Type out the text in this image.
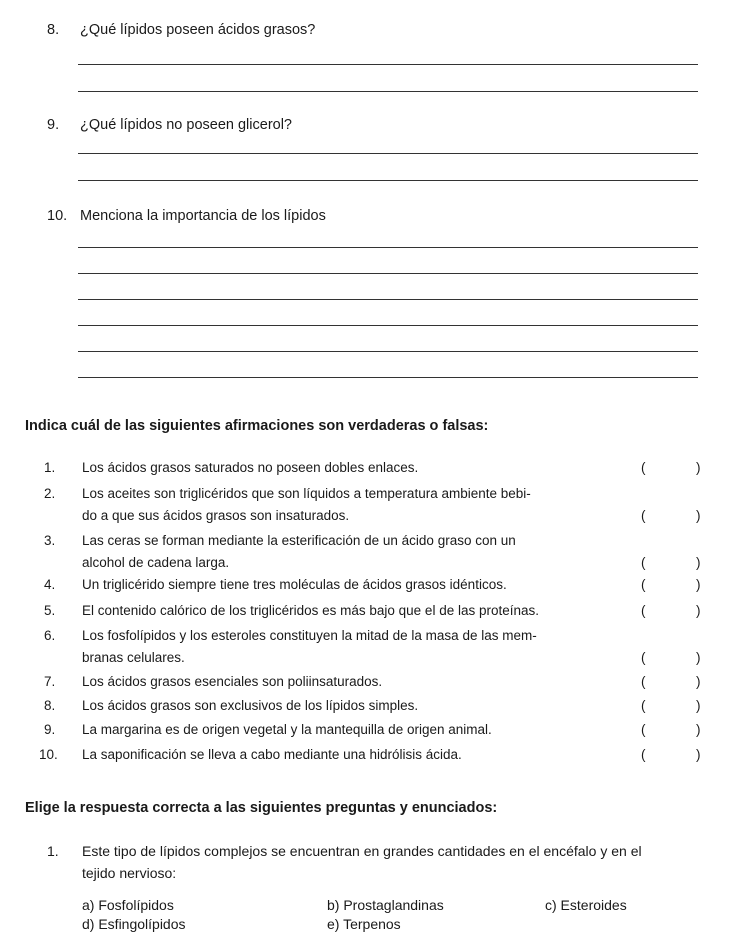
8. ¿Qué lípidos poseen ácidos grasos?
9. ¿Qué lípidos no poseen glicerol?
10. Menciona la importancia de los lípidos
Indica cuál de las siguientes afirmaciones son verdaderas o falsas:
1. Los ácidos grasos saturados no poseen dobles enlaces.	(	)
2. Los aceites son triglicéridos que son líquidos a temperatura ambiente bebi-
do a que sus ácidos grasos son insaturados.	(	)
3. Las ceras se forman mediante la esterificación de un ácido graso con un
alcohol de cadena larga.	(	)
4. Un triglicérido siempre tiene tres moléculas de ácidos grasos idénticos.	(	)
5. El contenido calórico de los triglicéridos es más bajo que el de las proteínas.	(	)
6. Los fosfolípidos y los esteroles constituyen la mitad de la masa de las mem-
branas celulares.	(	)
7. Los ácidos grasos esenciales son poliinsaturados.	(	)
8. Los ácidos grasos son exclusivos de los lípidos simples.	(	)
9. La margarina es de origen vegetal y la mantequilla de origen animal.	(	)
10. La saponificación se lleva a cabo mediante una hidrólisis ácida.	(	)
Elige la respuesta correcta a las siguientes preguntas y enunciados:
1. Este tipo de lípidos complejos se encuentran en grandes cantidades en el encéfalo y en el
tejido nervioso:
a) Fosfolípidos	b) Prostaglandinas	c) Esteroides
d) Esfingolípidos	e) Terpenos
